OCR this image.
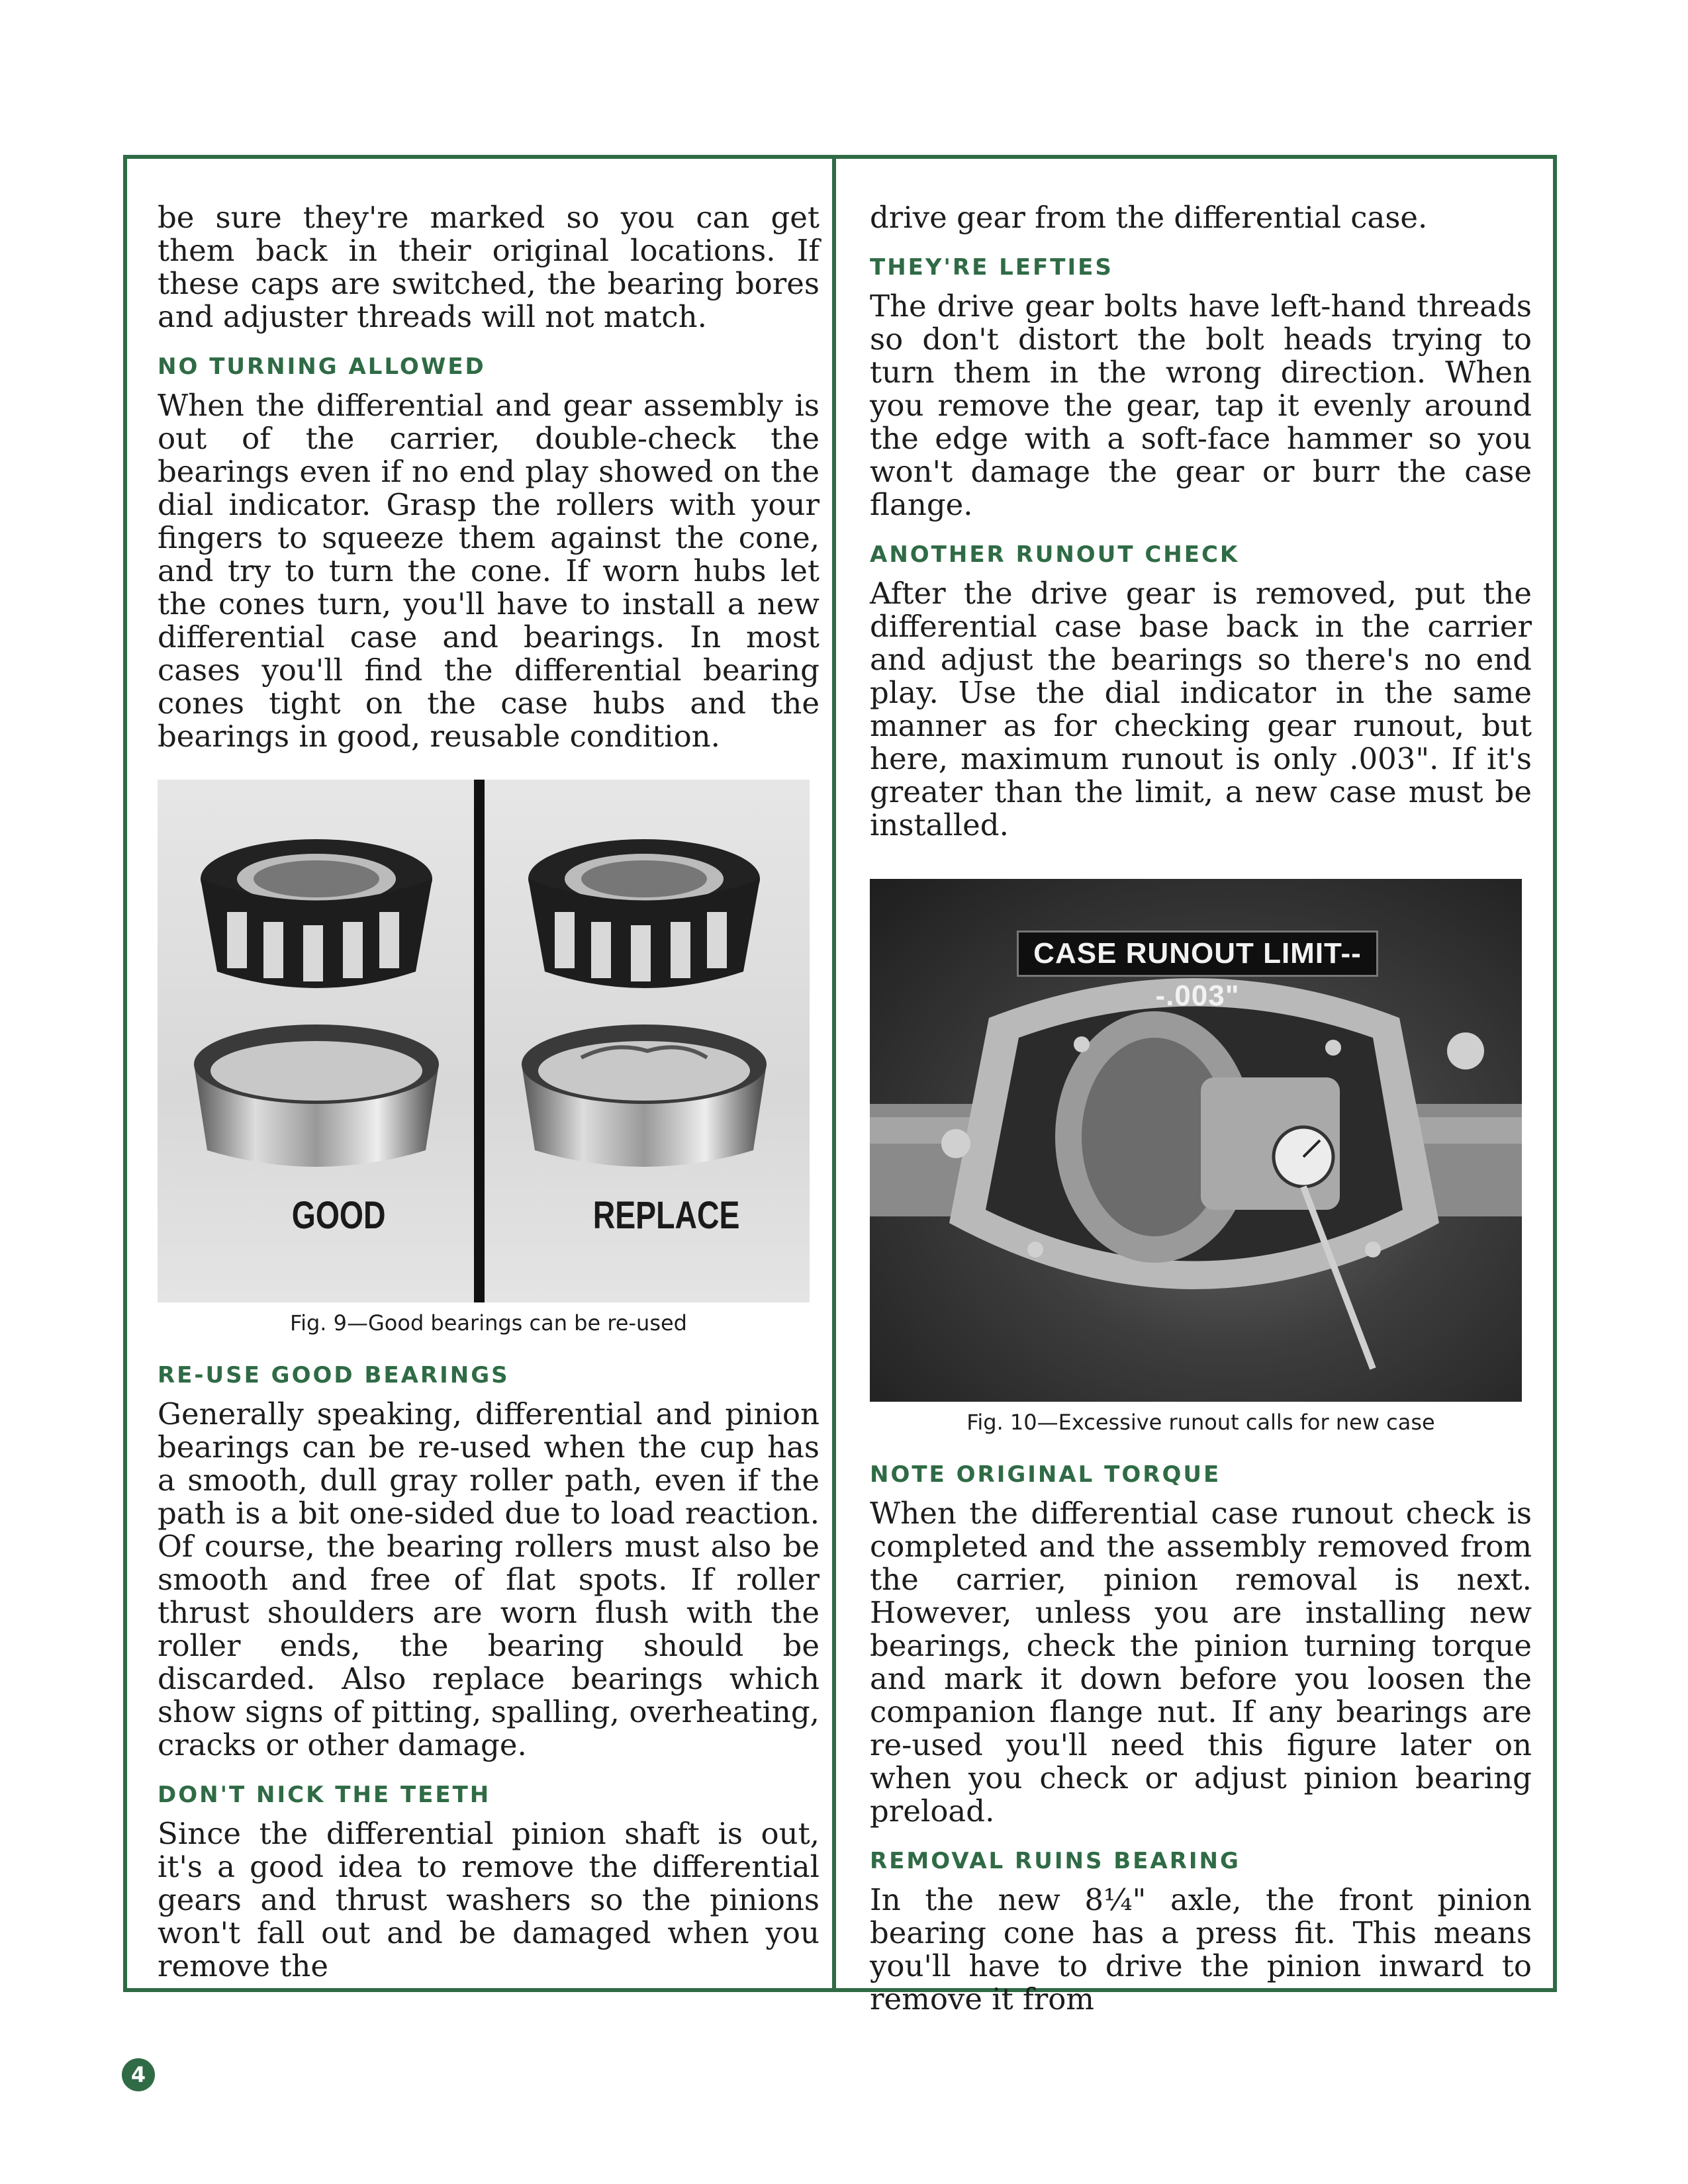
be sure they're marked so you can get them back in their original locations. If these caps are switched, the bearing bores and adjuster threads will not match.

NO TURNING ALLOWED

When the differential and gear assembly is out of the carrier, double-check the bearings even if no end play showed on the dial indicator. Grasp the rollers with your fingers to squeeze them against the cone, and try to turn the cone. If worn hubs let the cones turn, you'll have to install a new differential case and bearings. In most cases you'll find the differential bearing cones tight on the case hubs and the bearings in good, reusable condition.

GOOD	REPLACE
Fig. 9—Good bearings can be re-used
RE-USE GOOD BEARINGS

Generally speaking, differential and pinion bearings can be re-used when the cup has a smooth, dull gray roller path, even if the path is a bit one-sided due to load reaction. Of course, the bearing rollers must also be smooth and free of flat spots. If roller thrust shoulders are worn flush with the roller ends, the bearing should be discarded. Also replace bearings which show signs of pitting, spalling, overheating, cracks or other damage.

DON'T NICK THE TEETH

Since the differential pinion shaft is out, it's a good idea to remove the differential gears and thrust washers so the pinions won't fall out and be damaged when you remove the

drive gear from the differential case.

THEY'RE LEFTIES

The drive gear bolts have left-hand threads so don't distort the bolt heads trying to turn them in the wrong direction. When you remove the gear, tap it evenly around the edge with a soft-face hammer so you won't damage the gear or burr the case flange.

ANOTHER RUNOUT CHECK

After the drive gear is removed, put the differential case base back in the carrier and adjust the bearings so there's no end play. Use the dial indicator in the same manner as for checking gear runout, but here, maximum runout is only .003". If it's greater than the limit, a new case must be installed.

CASE RUNOUT LIMIT---.003"
Fig. 10—Excessive runout calls for new case
NOTE ORIGINAL TORQUE

When the differential case runout check is completed and the assembly removed from the carrier, pinion removal is next. However, unless you are installing new bearings, check the pinion turning torque and mark it down before you loosen the companion flange nut. If any bearings are re-used you'll need this figure later on when you check or adjust pinion bearing preload.

REMOVAL RUINS BEARING

In the new 8¼" axle, the front pinion bearing cone has a press fit. This means you'll have to drive the pinion inward to remove it from

4
